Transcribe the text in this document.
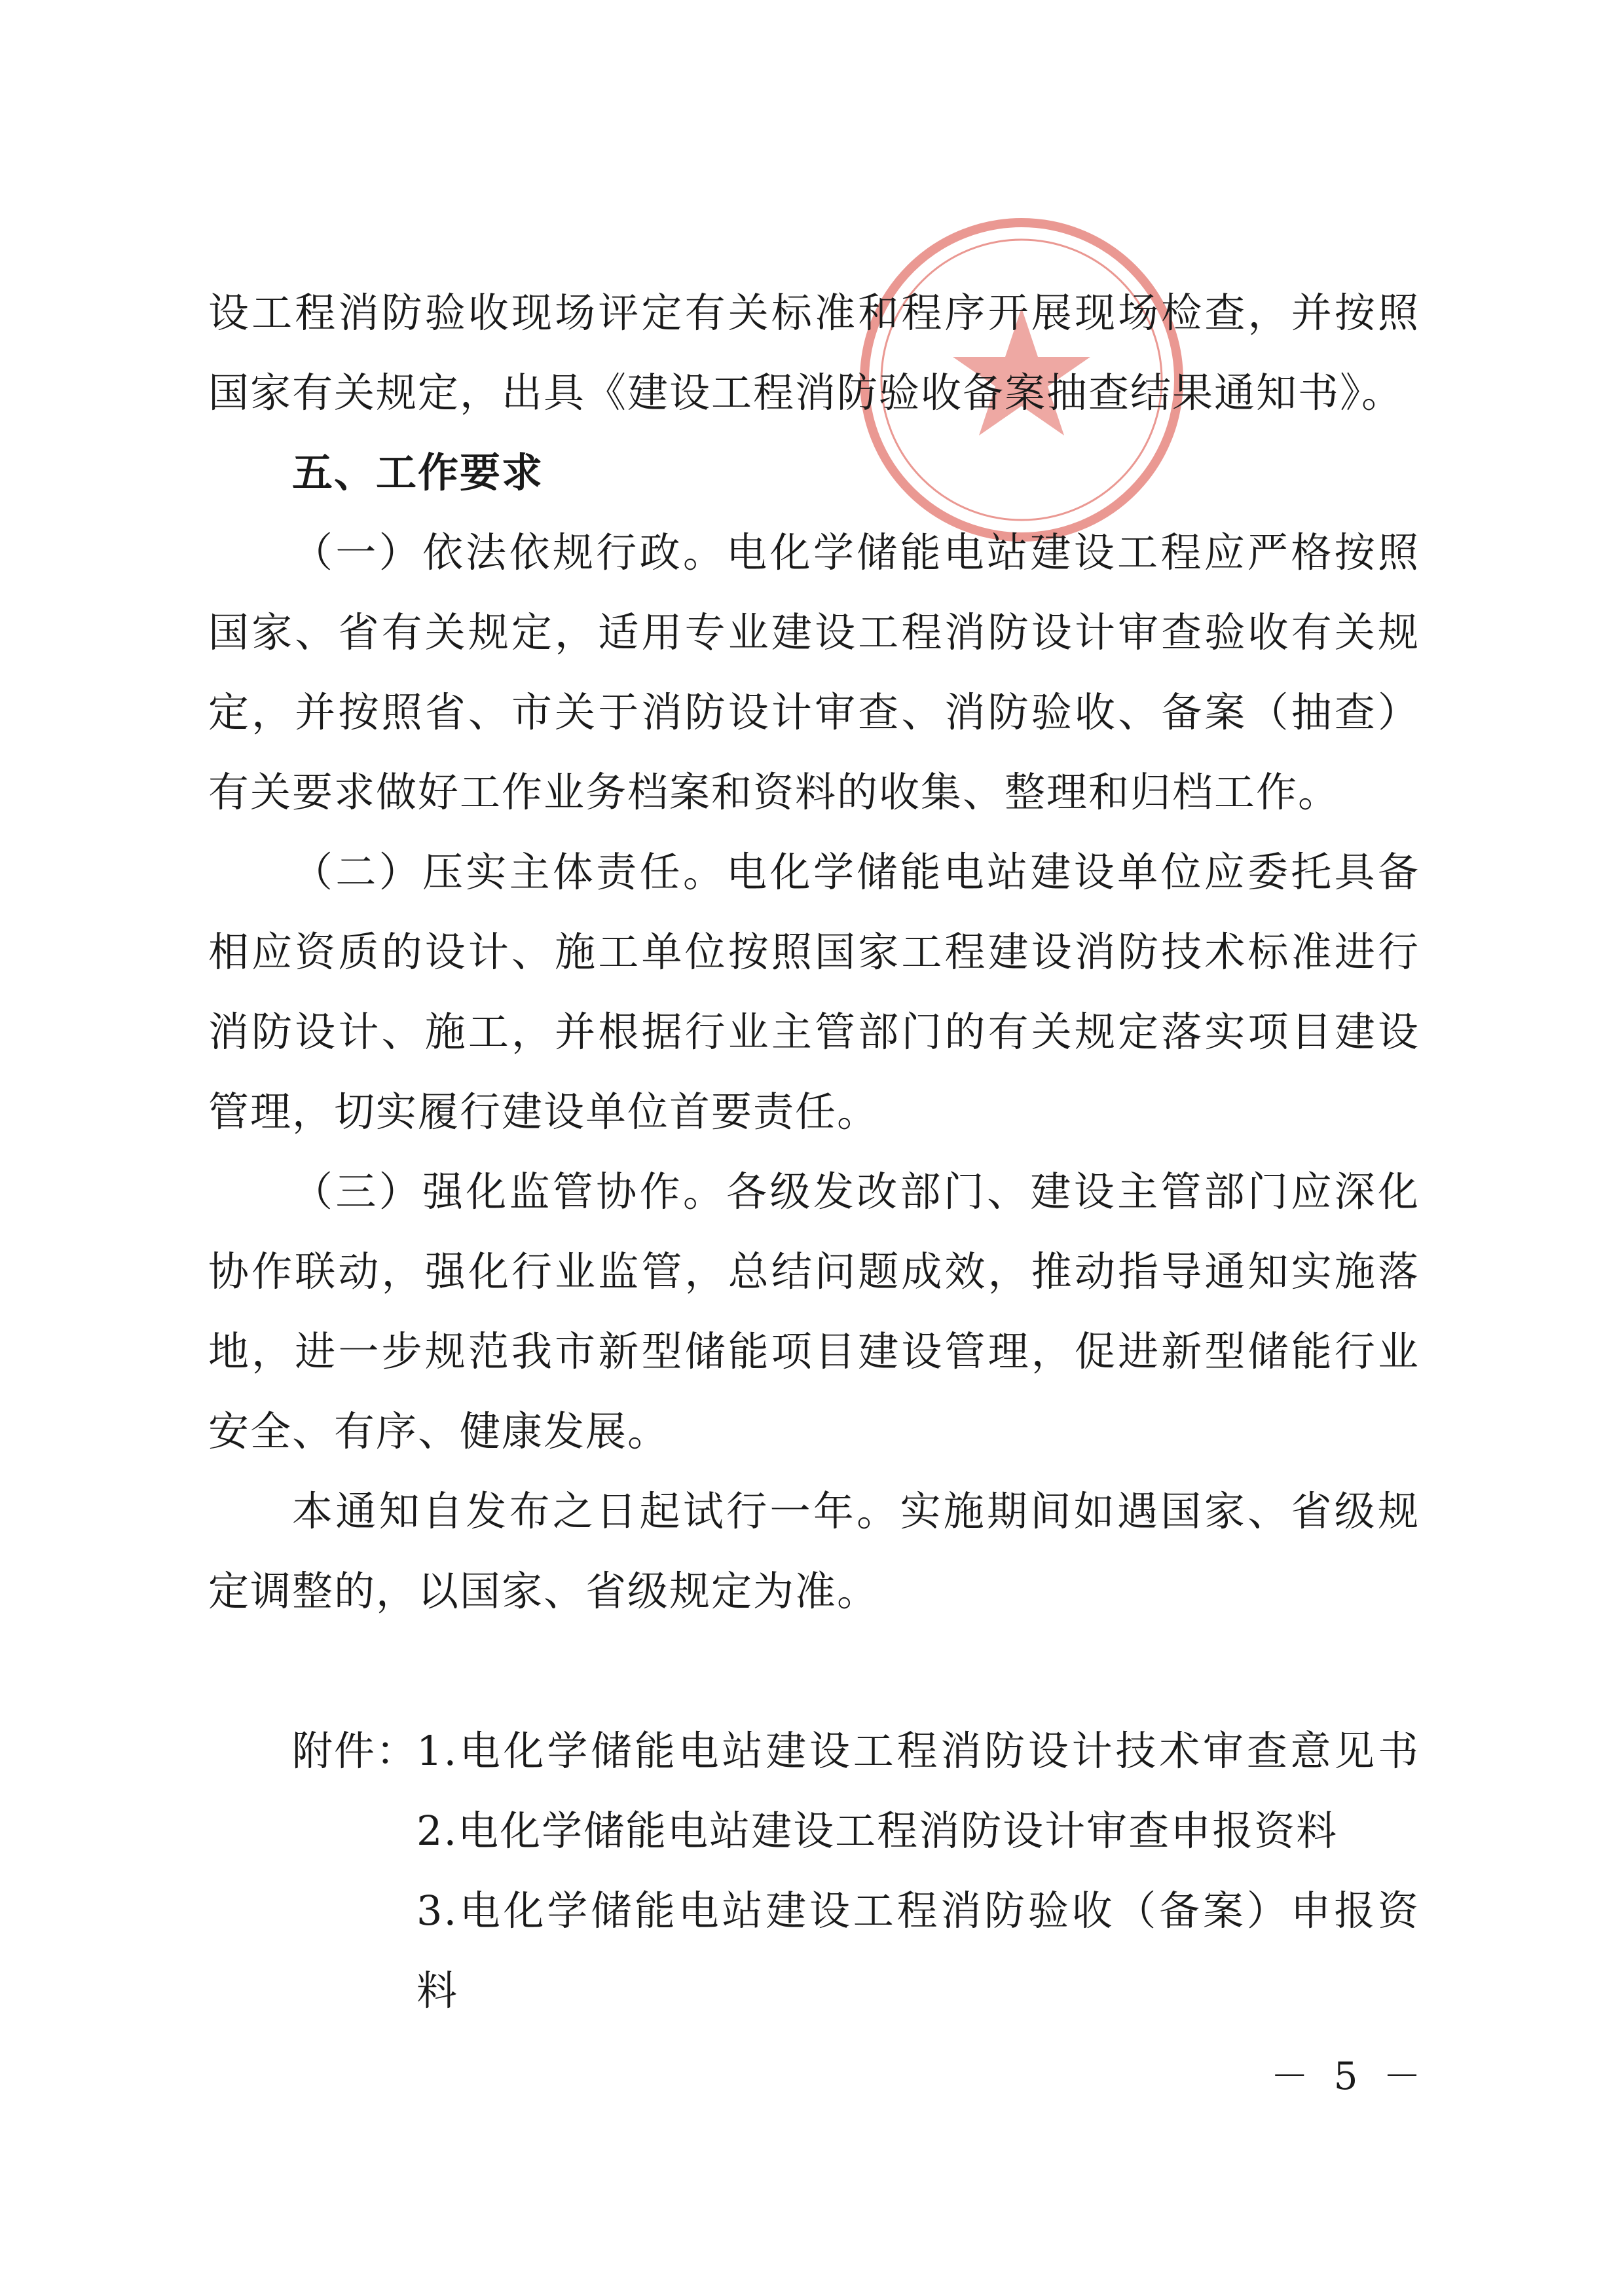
设工程消防验收现场评定有关标准和程序开展现场检查，并按照
国家有关规定，出具《建设工程消防验收备案抽查结果通知书》。
五、工作要求
（一）依法依规行政。电化学储能电站建设工程应严格按照
国家、省有关规定，适用专业建设工程消防设计审查验收有关规
定，并按照省、市关于消防设计审查、消防验收、备案（抽查）
有关要求做好工作业务档案和资料的收集、整理和归档工作。
（二）压实主体责任。电化学储能电站建设单位应委托具备
相应资质的设计、施工单位按照国家工程建设消防技术标准进行
消防设计、施工，并根据行业主管部门的有关规定落实项目建设
管理，切实履行建设单位首要责任。
（三）强化监管协作。各级发改部门、建设主管部门应深化
协作联动，强化行业监管，总结问题成效，推动指导通知实施落
地，进一步规范我市新型储能项目建设管理，促进新型储能行业
安全、有序、健康发展。
本通知自发布之日起试行一年。实施期间如遇国家、省级规
定调整的，以国家、省级规定为准。
附件：
1.电化学储能电站建设工程消防设计技术审查意见书
2.电化学储能电站建设工程消防设计审查申报资料
3.电化学储能电站建设工程消防验收（备案）申报资
料
－ 5 －
